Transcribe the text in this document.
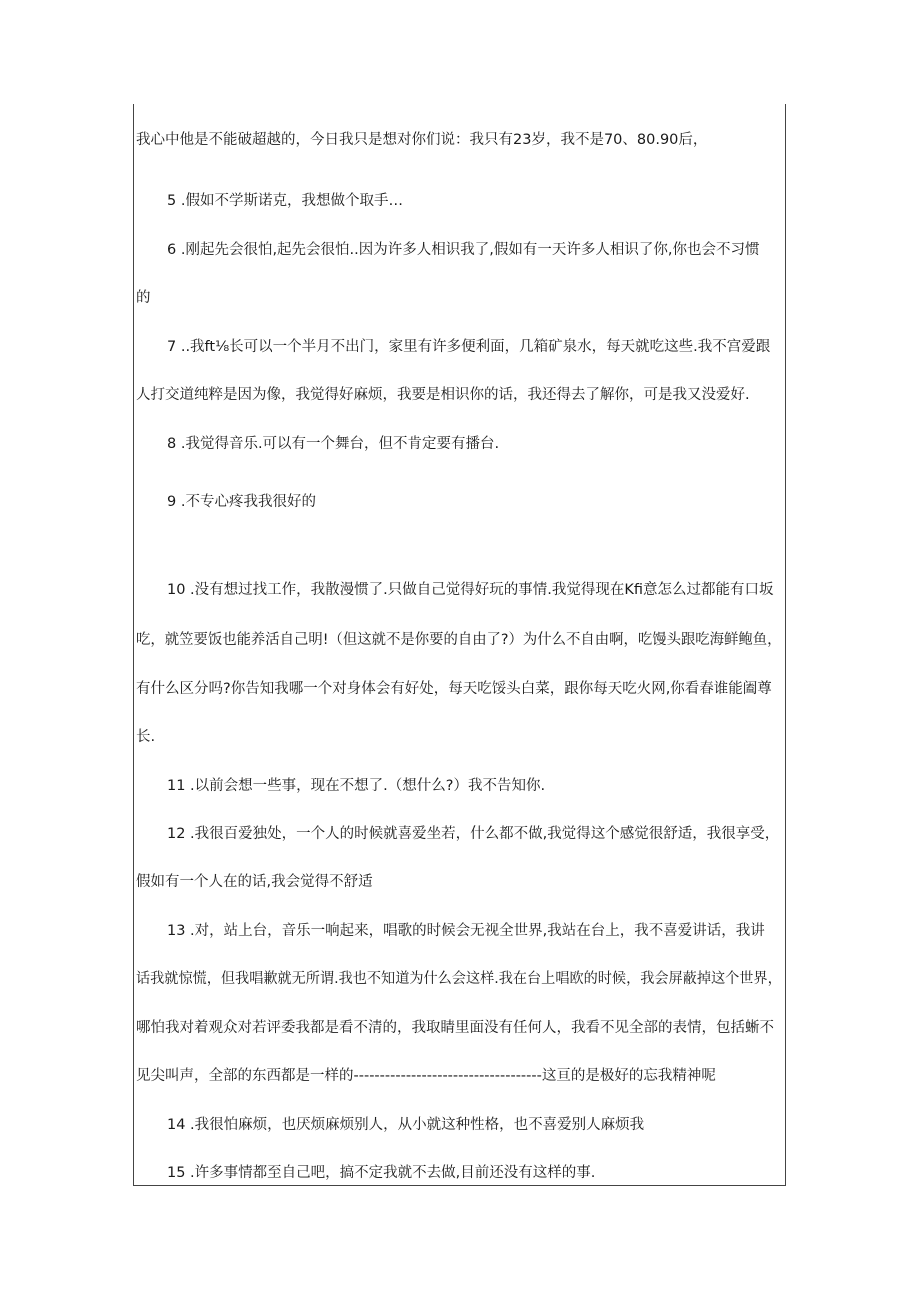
我心中他是不能破超越的，今日我只是想对你们说：我只有23岁，我不是70、80.90后，
5 .假如不学斯诺克，我想做个取手…
6 .刚起先会很怕,起先会很怕..因为许多人相识我了,假如有一天许多人相识了你,你也会不习惯
的
7 ..我ft⅛长可以一个半月不出门，家里有许多便利面，几箱矿泉水，每天就吃这些.我不宫爱跟
人打交道纯粹是因为像，我觉得好麻烦，我要是相识你的话，我还得去了解你，可是我又没爱好.
8 .我觉得音乐.可以有一个舞台，但不肯定要有播台.
9 .不专心疼我我很好的
10 .没有想过找工作，我散漫惯了.只做自己觉得好玩的事情.我觉得现在Kfi意怎么过都能有口坂
吃，就笠要饭也能养活自己明!（但这就不是你要的自由了?）为什么不自由啊，吃馒头跟吃海鲜鲍鱼，
有什么区分吗?你告知我哪一个对身体会有好处，每天吃馁头白菜，跟你每天吃火网,你看春谁能阖尊
长.
11 .以前会想一些事，现在不想了.（想什么?）我不告知你.
12 .我很百爱独处，一个人的时候就喜爱坐若，什么都不做,我觉得这个感觉很舒适，我很享受，
假如有一个人在的话,我会觉得不舒适
13 .对，站上台，音乐一响起来，唱歌的时候会无视全世界,我站在台上，我不喜爱讲话，我讲
话我就惊慌，但我唱歉就无所谓.我也不知道为什么会这样.我在台上唱欧的时候，我会屏蔽掉这个世界，
哪怕我对着观众对若评委我都是看不清的，我取睛里面没有任何人，我看不见全部的表情，包括蜥不
见尖叫声，全部的东西都是一样的------------------------------------这亘的是极好的忘我精神呢
14 .我很怕麻烦，也厌烦麻烦别人，从小就这种性格，也不喜爱别人麻烦我
15 .许多事情都至自己吧，搞不定我就不去做,目前还没有这样的事.
